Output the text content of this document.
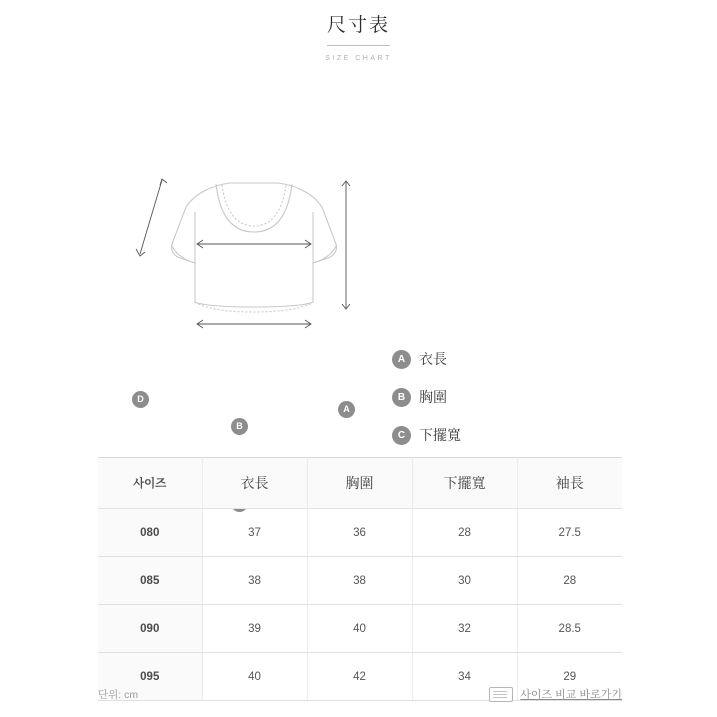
尺寸表
SIZE CHART
A
B
D
A 衣長
B 胸圍
C 下擺寬
사이즈	衣長	胸圍	下擺寬	袖長
080	37	36	28	27.5
085	38	38	30	28
090	39	40	32	28.5
095	40	42	34	29
단위: cm	사이즈 비교 바로가기
